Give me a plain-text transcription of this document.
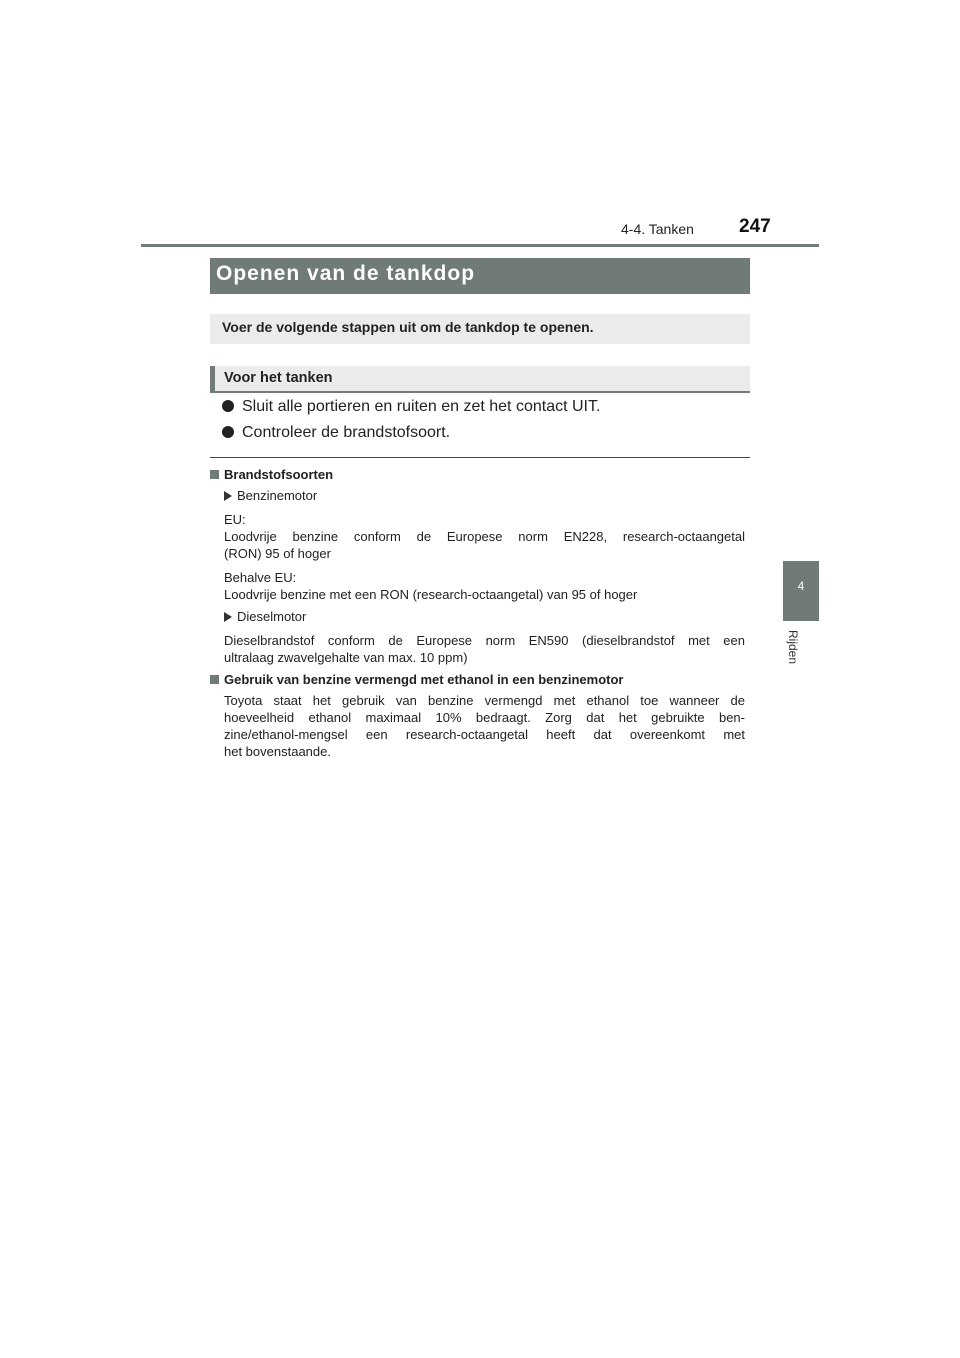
4-4. Tanken 247
4
Rijden
Openen van de tankdop
Voer de volgende stappen uit om de tankdop te openen.
Voor het tanken
Sluit alle portieren en ruiten en zet het contact UIT.
Controleer de brandstofsoort.
Brandstofsoorten
Benzinemotor
EU:
Loodvrije benzine conform de Europese norm EN228, research-octaangetal
(RON) 95 of hoger
Behalve EU:
Loodvrije benzine met een RON (research-octaangetal) van 95 of hoger
Dieselmotor
Dieselbrandstof conform de Europese norm EN590 (dieselbrandstof met een
ultralaag zwavelgehalte van max. 10 ppm)
Gebruik van benzine vermengd met ethanol in een benzinemotor
Toyota staat het gebruik van benzine vermengd met ethanol toe wanneer de
hoeveelheid ethanol maximaal 10% bedraagt. Zorg dat het gebruikte ben-
zine/ethanol-mengsel een research-octaangetal heeft dat overeenkomt met
het bovenstaande.
